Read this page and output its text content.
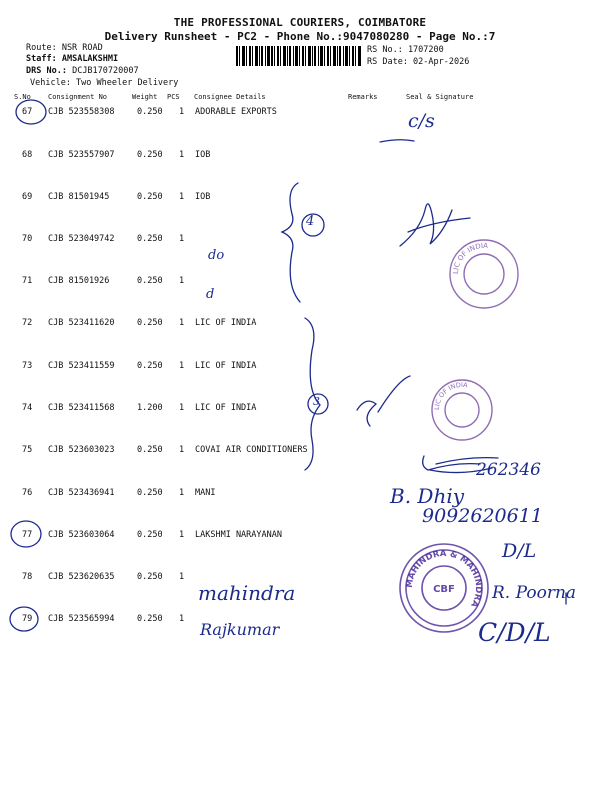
THE PROFESSIONAL COURIERS, COIMBATORE
Delivery Runsheet - PC2 - Phone No.:9047080280 - Page No.:7
Route: NSR ROAD
Staff: AMSALAKSHMI
DRS No.: DCJB170720007
Vehicle: Two Wheeler Delivery
RS No.: 1707200
RS Date: 02-Apr-2026
S.No Consignment No	Weight PCS Consignee Details	Remarks	Seal & Signature
67 CJB 523558308	0.250 1 ADORABLE EXPORTS
68 CJB 523557907	0.250 1 IOB
69 CJB 81501945	0.250 1 IOB
70 CJB 523049742	0.250 1
71 CJB 81501926	0.250 1
72 CJB 523411620	0.250 1 LIC OF INDIA
73 CJB 523411559	0.250 1 LIC OF INDIA
74 CJB 523411568	1.200 1 LIC OF INDIA
75 CJB 523603023	0.250 1 COVAI AIR CONDITIONERS
76 CJB 523436941	0.250 1 MANI
77 CJB 523603064	0.250 1 LAKSHMI NARAYANAN
78 CJB 523620635	0.250 1
79 CJB 523565994	0.250 1
c/s
4
do
d
3
262346
B. Dhiy
9092620611
D/L
mahindra	R. Poorna
Rajkumar	C/D/L
LIC OF INDIA
LIC OF INDIA
MAHINDRA & MAHINDRA
CBF
